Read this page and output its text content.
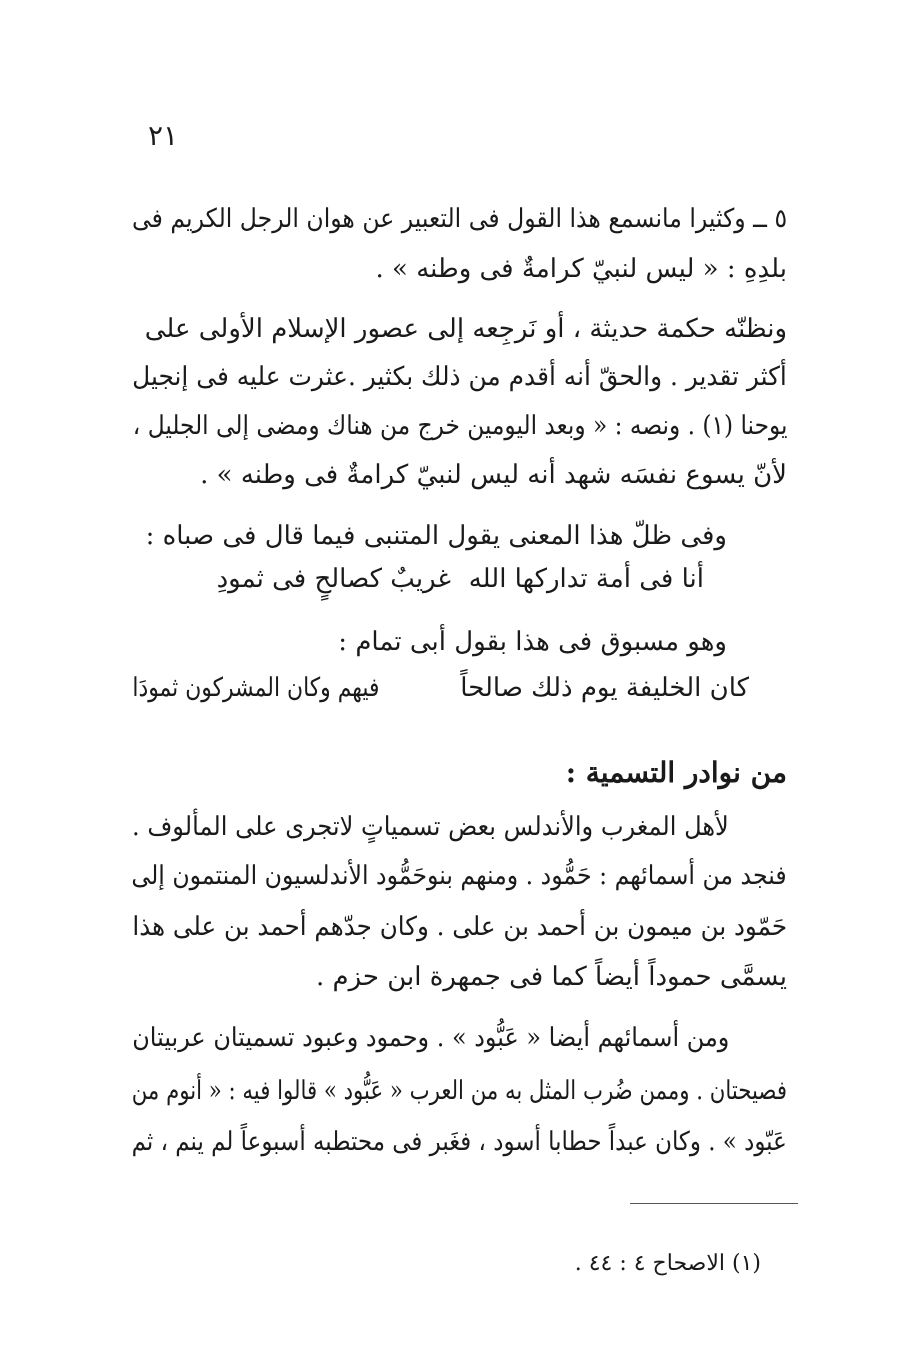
٢١
٥ ــ وكثيرا مانسمع هذا القول فى التعبير عن هوان الرجل الكريم فى
بلدِهِ : « ليس لنبيّ كرامةٌ فى وطنه » .
ونظنّه حكمة حديثة ، أو نَرجِعه إلى عصور الإسلام الأولى على
أكثر تقدير . والحقّ أنه أقدم من ذلك بكثير .عثرت عليه فى إنجيل
يوحنا (١) . ونصه : « وبعد اليومين خرج من هناك ومضى إلى الجليل ،
لأنّ يسوع نفسَه شهد أنه ليس لنبيّ كرامةٌ فى وطنه » .
وفى ظلّ هذا المعنى يقول المتنبى فيما قال فى صباه :
أنا فى أمة تداركها الله
غريبٌ كصالحٍ فى ثمودِ
وهو مسبوق فى هذا بقول أبى تمام :
كان الخليفة يوم ذلك صالحاً
فيهم وكان المشركون ثمودَا
من نوادر التسمية :
لأهل المغرب والأندلس بعض تسمياتٍ لاتجرى على المألوف .
فنجد من أسمائهم : حَمُّود . ومنهم بنوحَمُّود الأندلسيون المنتمون إلى
حَمّود بن ميمون بن أحمد بن على . وكان جدّهم أحمد بن على هذا
يسمَّى حموداً أيضاً كما فى جمهرة ابن حزم .
ومن أسمائهم أيضا « عَبُّود » . وحمود وعبود تسميتان عربيتان
فصيحتان . وممن ضُرب المثل به من العرب « عَبُّود » قالوا فيه : « أنوم من
عَبّود » . وكان عبداً حطابا أسود ، فغَبر فى محتطبه أسبوعاً لم ينم ، ثم
(١) الاصحاح ٤ : ٤٤ .
